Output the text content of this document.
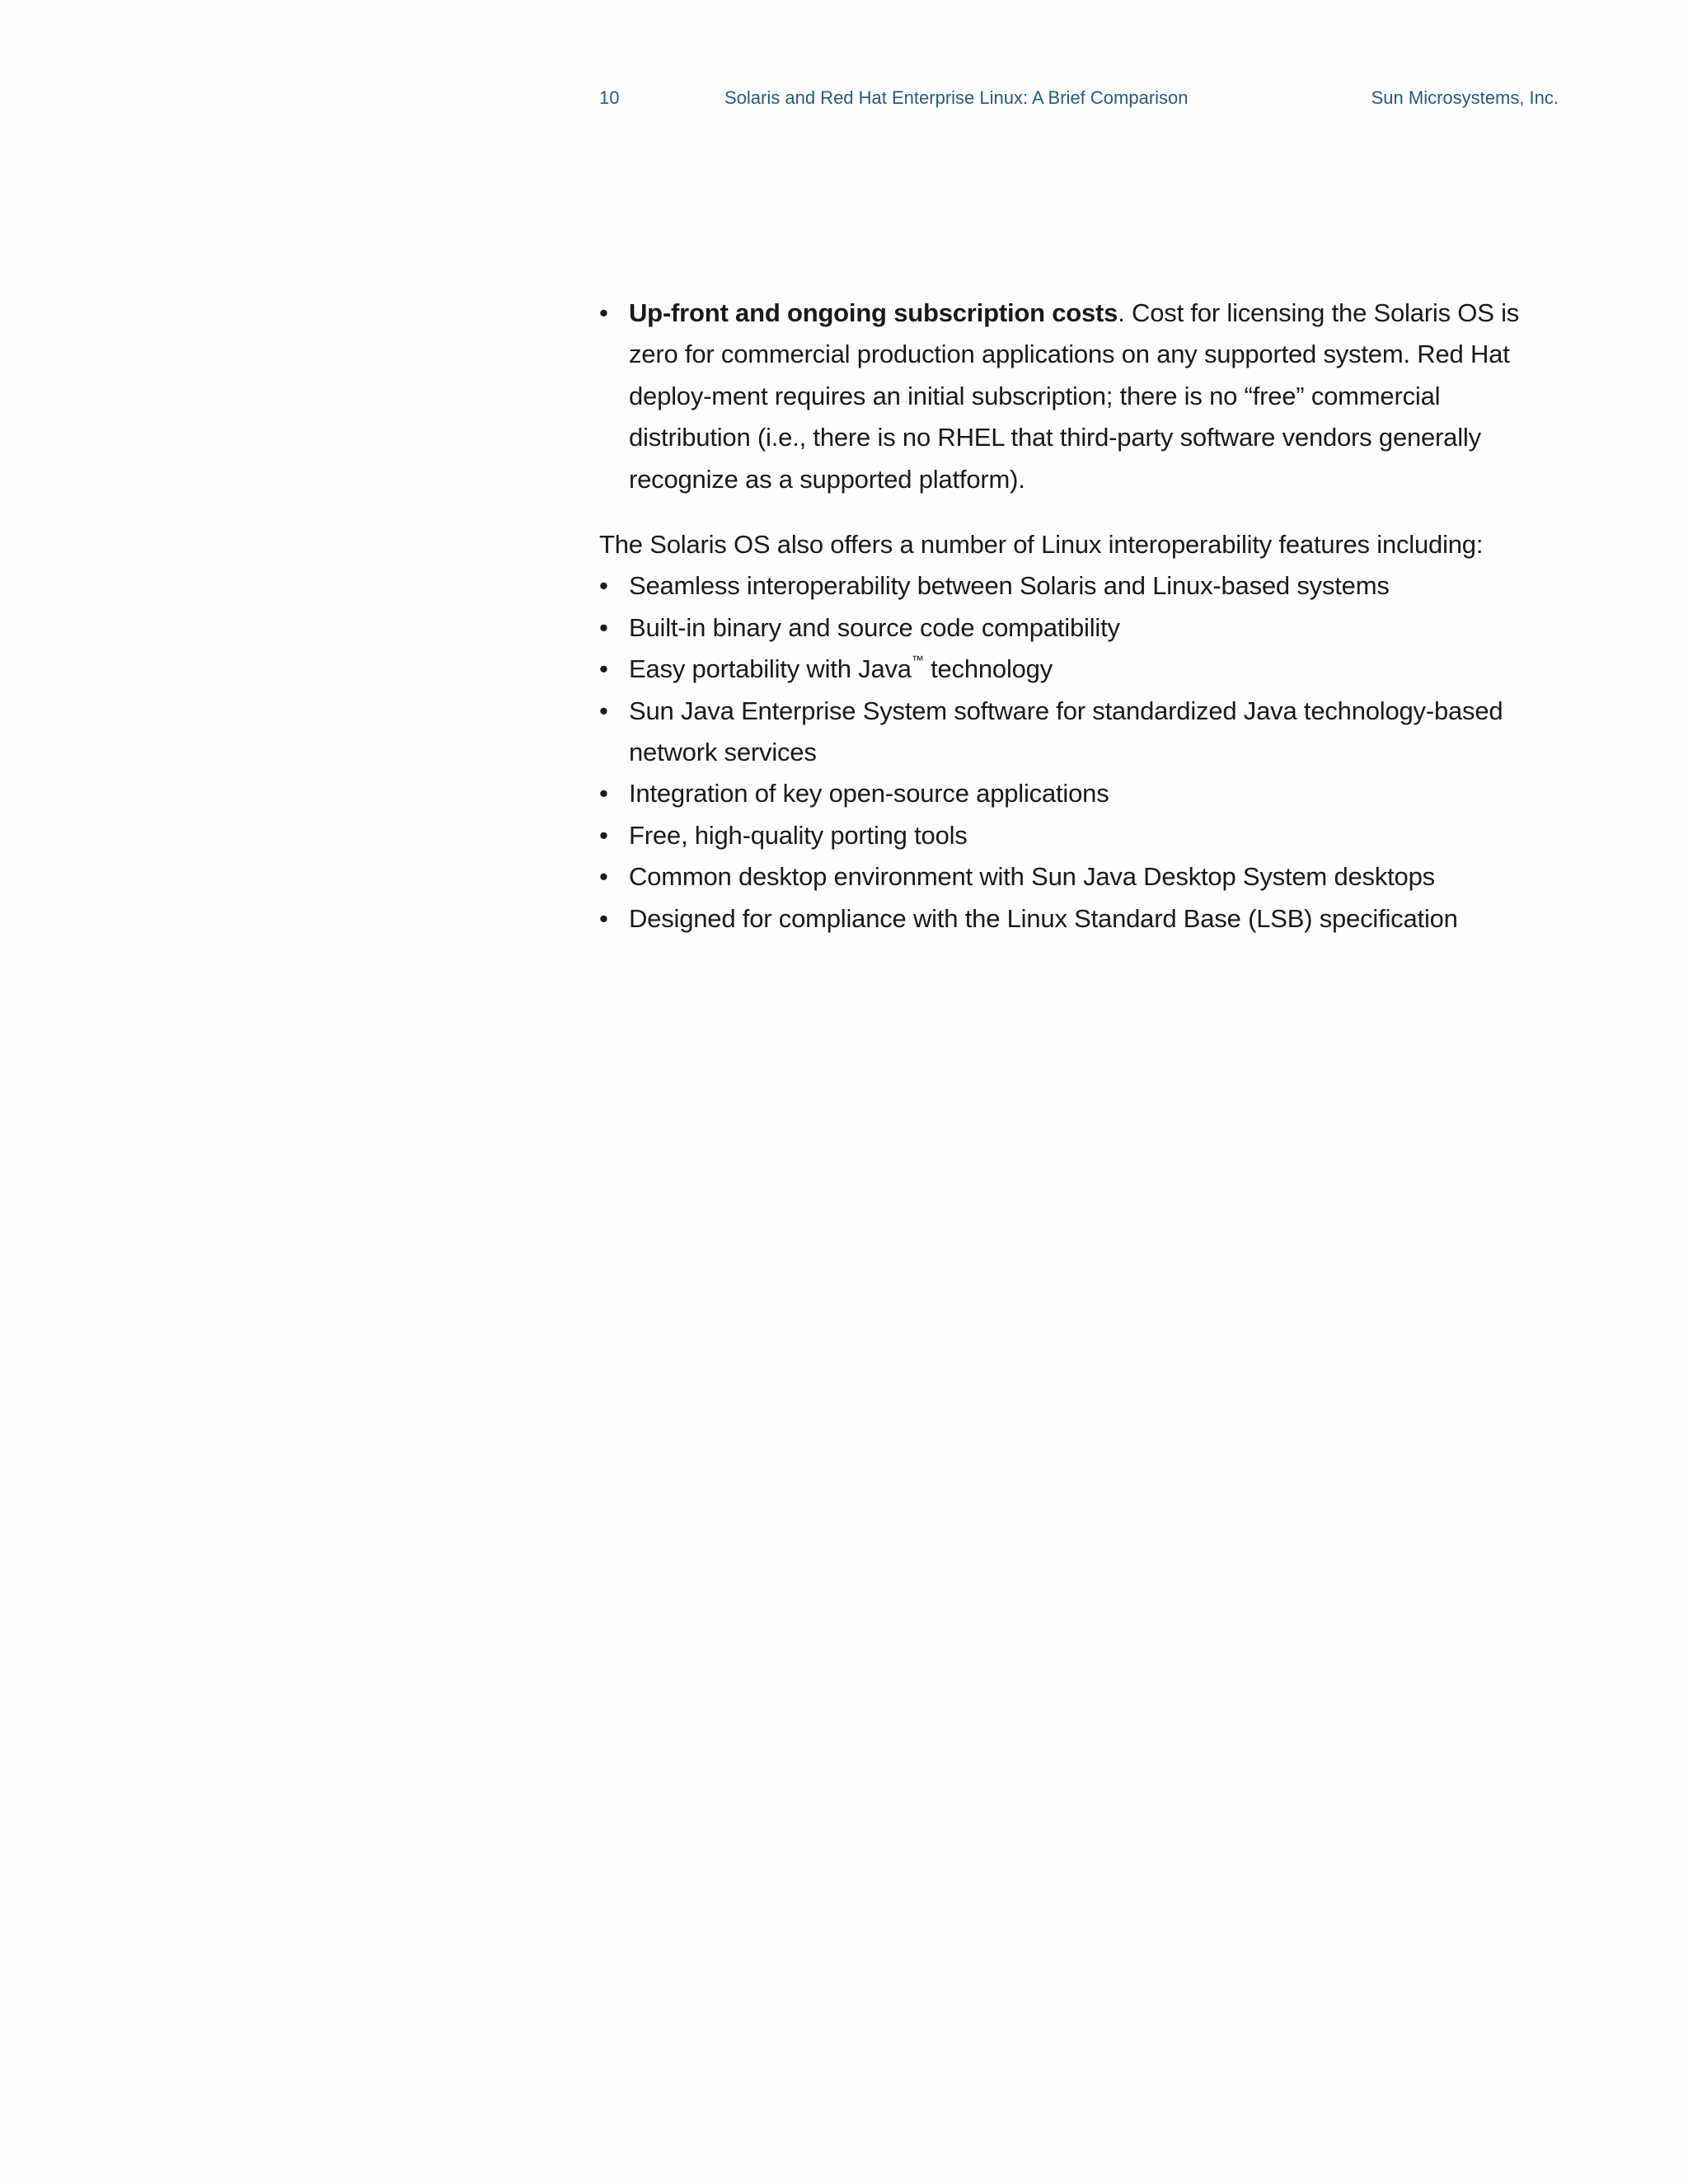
10	Solaris and Red Hat Enterprise Linux: A Brief Comparison	Sun Microsystems, Inc.
• Up-front and ongoing subscription costs. Cost for licensing the Solaris OS is zero for commercial production applications on any supported system. Red Hat deploy-ment requires an initial subscription; there is no “free” commercial distribution (i.e., there is no RHEL that third-party software vendors generally recognize as a supported platform).

The Solaris OS also offers a number of Linux interoperability features including:

• Seamless interoperability between Solaris and Linux-based systems
• Built-in binary and source code compatibility
• Easy portability with Java™ technology
• Sun Java Enterprise System software for standardized Java technology-based network services
• Integration of key open-source applications
• Free, high-quality porting tools
• Common desktop environment with Sun Java Desktop System desktops
• Designed for compliance with the Linux Standard Base (LSB) specification
